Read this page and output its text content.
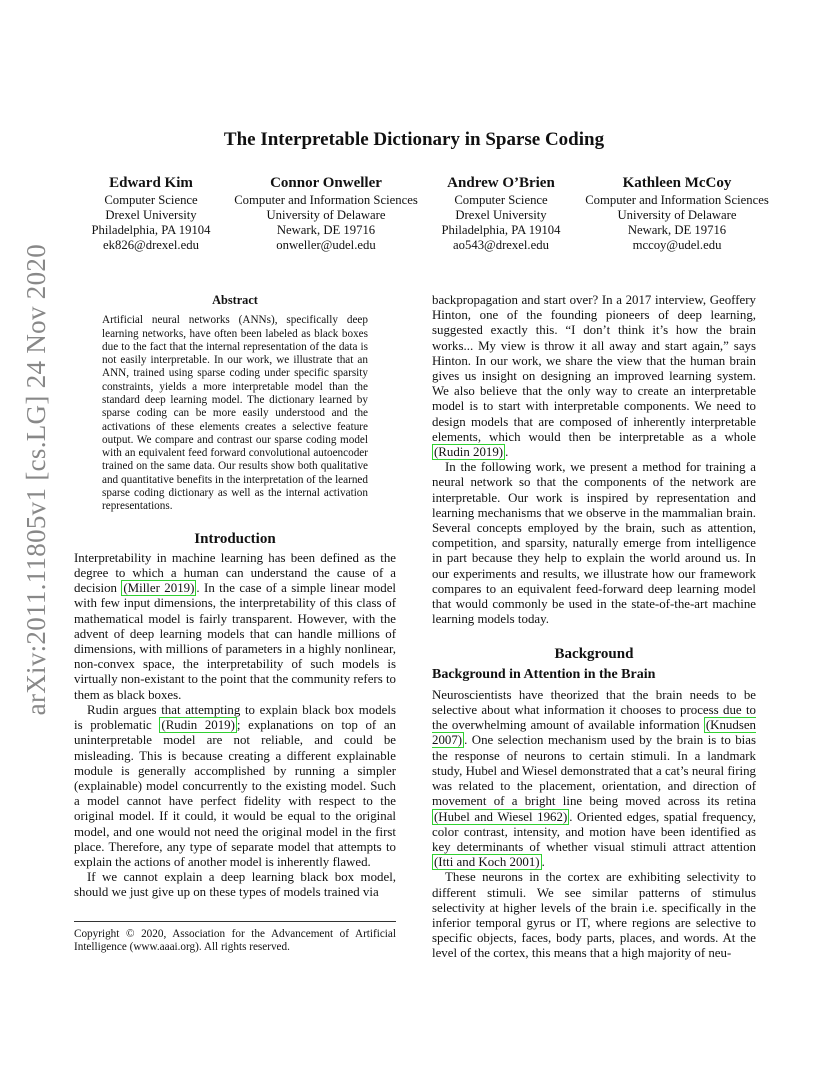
arXiv:2011.11805v1 [cs.LG] 24 Nov 2020
The Interpretable Dictionary in Sparse Coding
Edward Kim
Computer Science
Drexel University
Philadelphia, PA 19104
ek826@drexel.edu
Connor Onweller
Computer and Information Sciences
University of Delaware
Newark, DE 19716
onweller@udel.edu
Andrew O’Brien
Computer Science
Drexel University
Philadelphia, PA 19104
ao543@drexel.edu
Kathleen McCoy
Computer and Information Sciences
University of Delaware
Newark, DE 19716
mccoy@udel.edu
Abstract

Artificial neural networks (ANNs), specifically deep learning networks, have often been labeled as black boxes due to the fact that the internal representation of the data is not easily interpretable. In our work, we illustrate that an ANN, trained using sparse coding under specific sparsity constraints, yields a more interpretable model than the standard deep learning model. The dictionary learned by sparse coding can be more easily understood and the activations of these elements creates a selective feature output. We compare and contrast our sparse coding model with an equivalent feed forward convolutional autoencoder trained on the same data. Our results show both qualitative and quantitative benefits in the interpretation of the learned sparse coding dictionary as well as the internal activation representations.

Introduction

Interpretability in machine learning has been defined as the degree to which a human can understand the cause of a decision (Miller 2019) . In the case of a simple linear model with few input dimensions, the interpretability of this class of mathematical model is fairly transparent. However, with the advent of deep learning models that can handle millions of dimensions, with millions of parameters in a highly nonlinear, non-convex space, the interpretability of such models is virtually non-existant to the point that the community refers to them as black boxes.

Rudin argues that attempting to explain black box models is problematic (Rudin 2019) ; explanations on top of an uninterpretable model are not reliable, and could be misleading. This is because creating a different explainable module is generally accomplished by running a simpler (explainable) model concurrently to the existing model. Such a model cannot have perfect fidelity with respect to the original model. If it could, it would be equal to the original model, and one would not need the original model in the first place. Therefore, any type of separate model that attempts to explain the actions of another model is inherently flawed.

If we cannot explain a deep learning black box model, should we just give up on these types of models trained via

Copyright © 2020, Association for the Advancement of Artificial Intelligence (www.aaai.org). All rights reserved.

backpropagation and start over? In a 2017 interview, Geoffery Hinton, one of the founding pioneers of deep learning, suggested exactly this. “I don’t think it’s how the brain works... My view is throw it all away and start again,” says Hinton. In our work, we share the view that the human brain gives us insight on designing an improved learning system. We also believe that the only way to create an interpretable model is to start with interpretable components. We need to design models that are composed of inherently interpretable elements, which would then be interpretable as a whole (Rudin 2019) .

In the following work, we present a method for training a neural network so that the components of the network are interpretable. Our work is inspired by representation and learning mechanisms that we observe in the mammalian brain. Several concepts employed by the brain, such as attention, competition, and sparsity, naturally emerge from intelligence in part because they help to explain the world around us. In our experiments and results, we illustrate how our framework compares to an equivalent feed-forward deep learning model that would commonly be used in the state-of-the-art machine learning models today.

Background
Background in Attention in the Brain

Neuroscientists have theorized that the brain needs to be selective about what information it chooses to process due to the overwhelming amount of available information (Knudsen 2007) . One selection mechanism used by the brain is to bias the response of neurons to certain stimuli. In a landmark study, Hubel and Wiesel demonstrated that a cat’s neural firing was related to the placement, orientation, and direction of movement of a bright line being moved across its retina (Hubel and Wiesel 1962) . Oriented edges, spatial frequency, color contrast, intensity, and motion have been identified as key determinants of whether visual stimuli attract attention (Itti and Koch 2001) .

These neurons in the cortex are exhibiting selectivity to different stimuli. We see similar patterns of stimulus selectivity at higher levels of the brain i.e. specifically in the inferior temporal gyrus or IT, where regions are selective to specific objects, faces, body parts, places, and words. At the level of the cortex, this means that a high majority of neu-
